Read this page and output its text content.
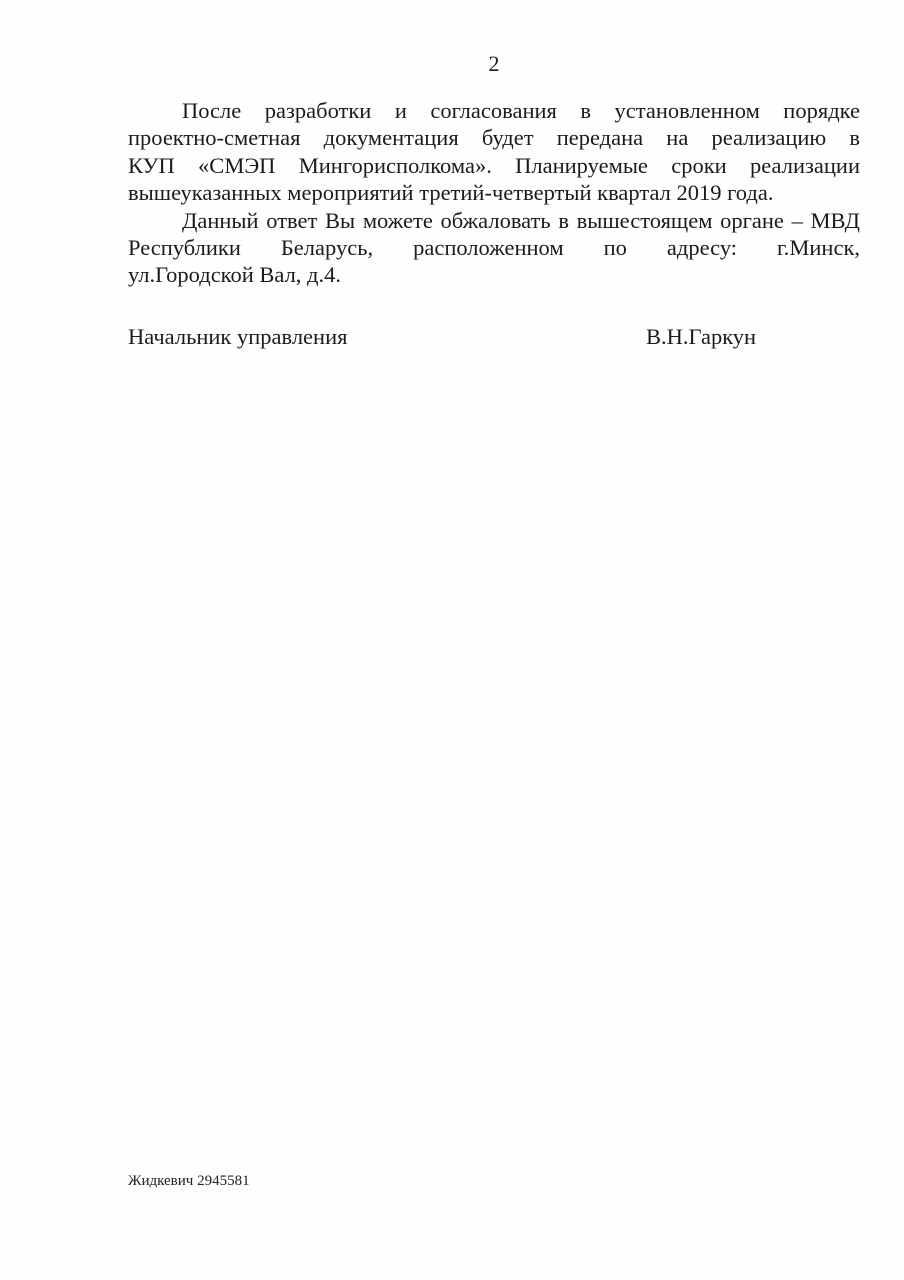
2
После разработки и согласования в установленном порядке
проектно-сметная документация будет передана на реализацию в
КУП «СМЭП Мингорисполкома». Планируемые сроки реализации
вышеуказанных мероприятий третий-четвертый квартал 2019 года.
Данный ответ Вы можете обжаловать в вышестоящем органе – МВД
Республики Беларусь, расположенном по адресу: г.Минск,
ул.Городской Вал, д.4.
Начальник управления	В.Н.Гаркун
Жидкевич 2945581
